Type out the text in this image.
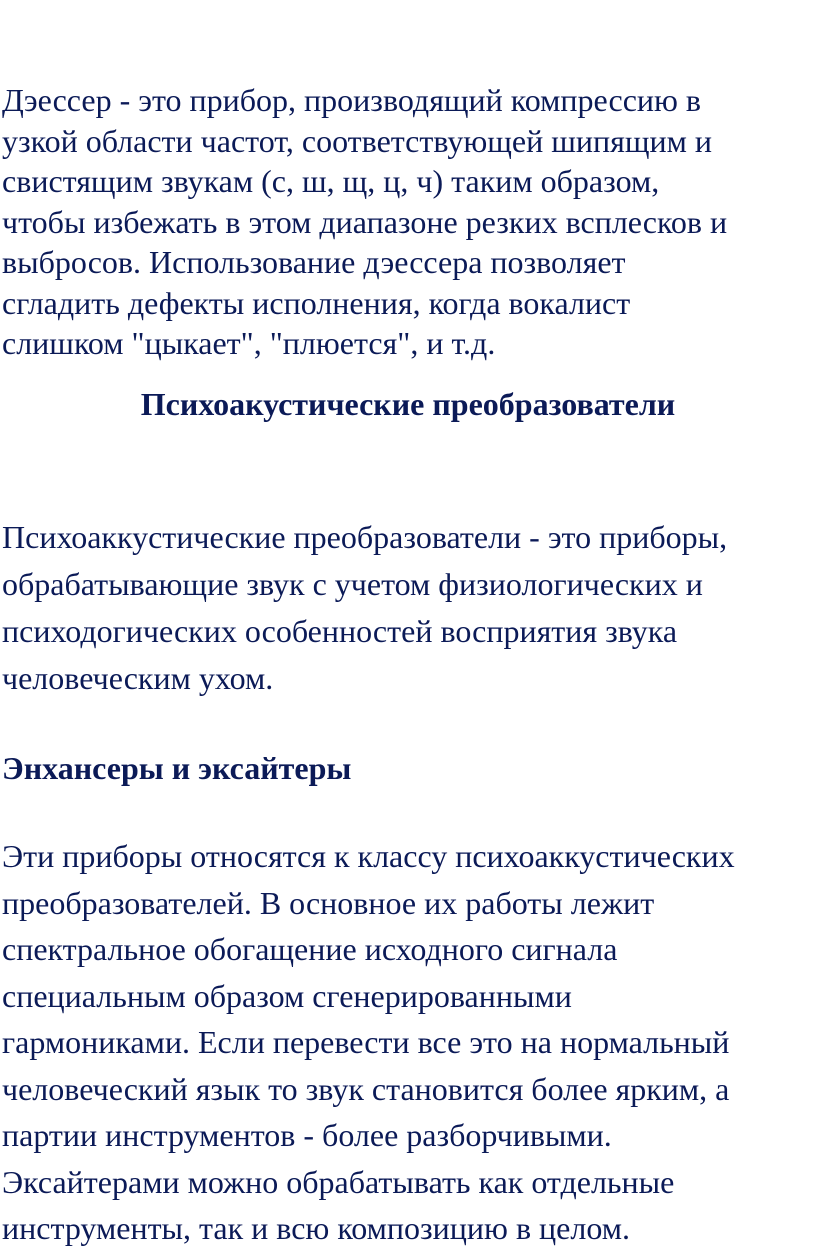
Дэессер - это прибор, производящий компрессию в
узкой области частот, соответствующей шипящим и
свистящим звукам (с, ш, щ, ц, ч) таким образом,
чтобы избежать в этом диапазоне резких всплесков и
выбросов. Использование дэессера позволяет
сгладить дефекты исполнения, когда вокалист
слишком "цыкает", "плюется", и т.д.

Психоакустические преобразователи

Психоаккустические преобразователи - это приборы,
обрабатывающие звук с учетом физиологических и
психодогических особенностей восприятия звука
человеческим ухом.

Энхансеры и эксайтеры

Эти приборы относятся к классу психоаккустических
преобразователей. В основное их работы лежит
спектральное обогащение исходного сигнала
специальным образом сгенерированными
гармониками. Если перевести все это на нормальный
человеческий язык то звук становится более ярким, а
партии инструментов - более разборчивыми.
Эксайтерами можно обрабатывать как отдельные
инструменты, так и всю композицию в целом.
